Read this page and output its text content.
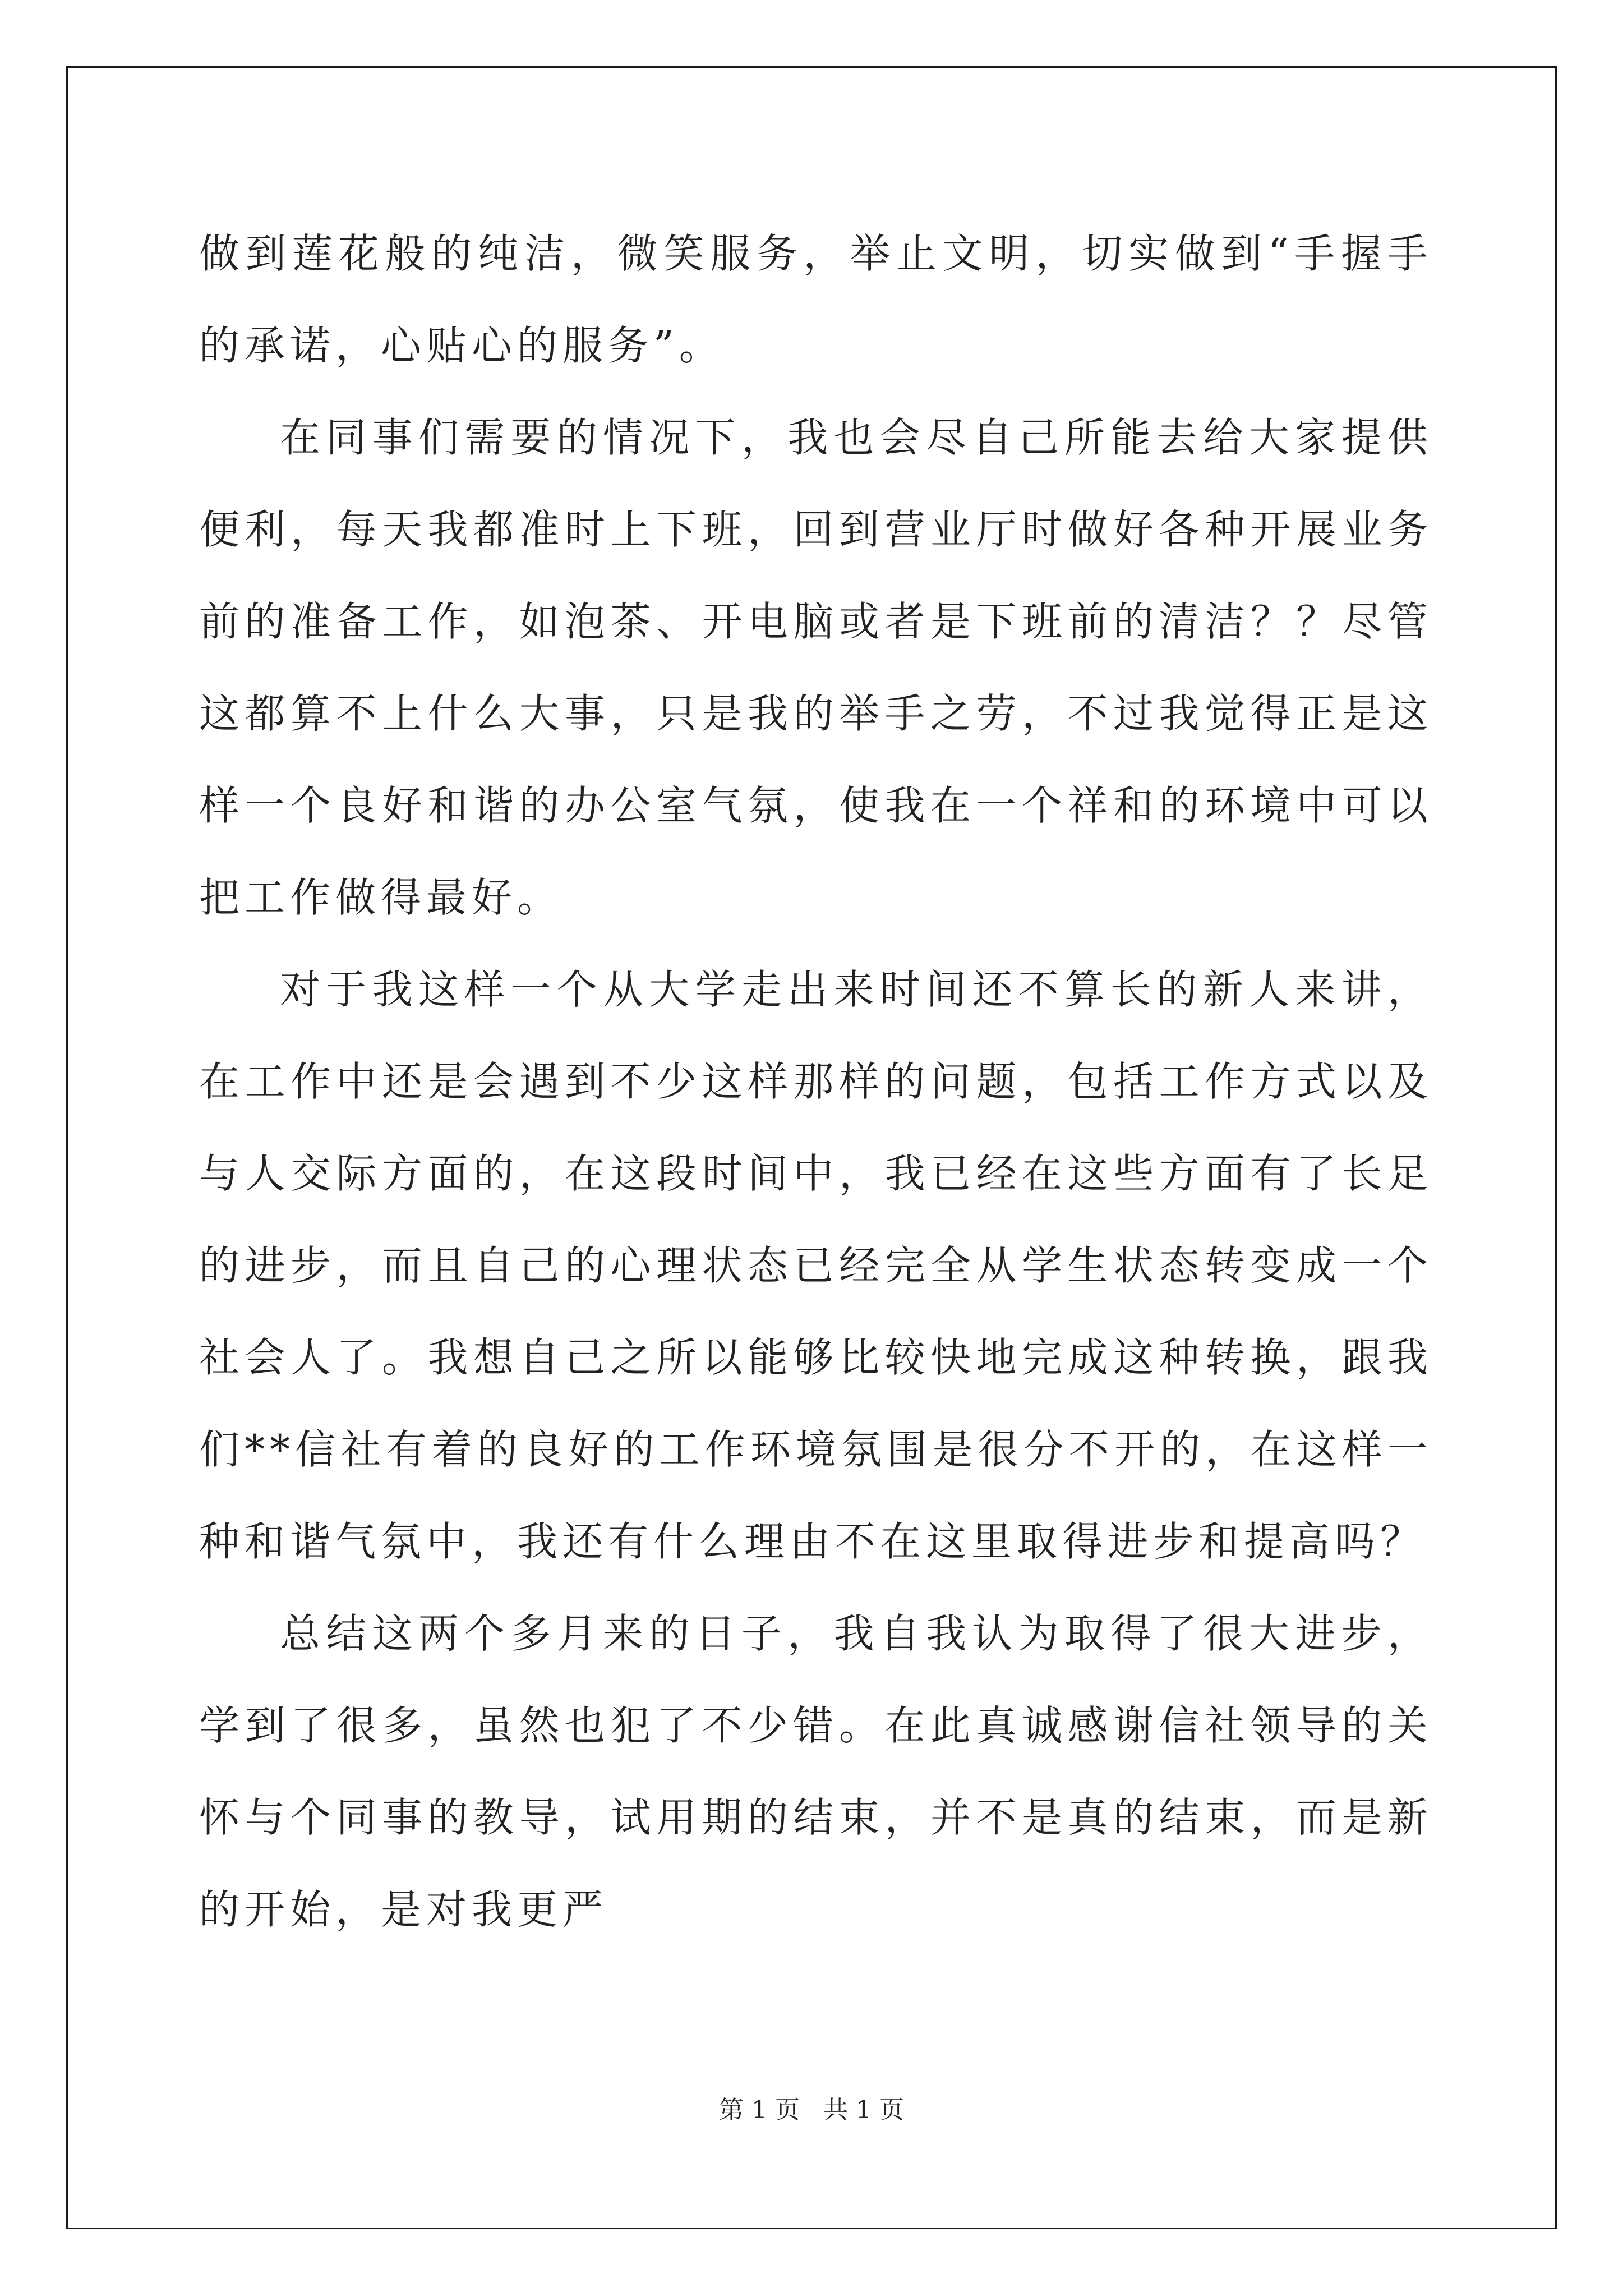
做到莲花般的纯洁，微笑服务，举止文明，切实做到“手握手的承诺，心贴心的服务”。

在同事们需要的情况下，我也会尽自己所能去给大家提供便利，每天我都准时上下班，回到营业厅时做好各种开展业务前的准备工作，如泡茶、开电脑或者是下班前的清洁？？尽管这都算不上什么大事，只是我的举手之劳，不过我觉得正是这样一个良好和谐的办公室气氛，使我在一个祥和的环境中可以把工作做得最好。

对于我这样一个从大学走出来时间还不算长的新人来讲，在工作中还是会遇到不少这样那样的问题，包括工作方式以及与人交际方面的，在这段时间中，我已经在这些方面有了长足的进步，而且自己的心理状态已经完全从学生状态转变成一个社会人了。我想自己之所以能够比较快地完成这种转换，跟我们**信社有着的良好的工作环境氛围是很分不开的，在这样一种和谐气氛中，我还有什么理由不在这里取得进步和提高吗？

总结这两个多月来的日子，我自我认为取得了很大进步，学到了很多，虽然也犯了不少错。在此真诚感谢信社领导的关怀与个同事的教导，试用期的结束，并不是真的结束，而是新的开始，是对我更严

第 1 页   共 1 页
